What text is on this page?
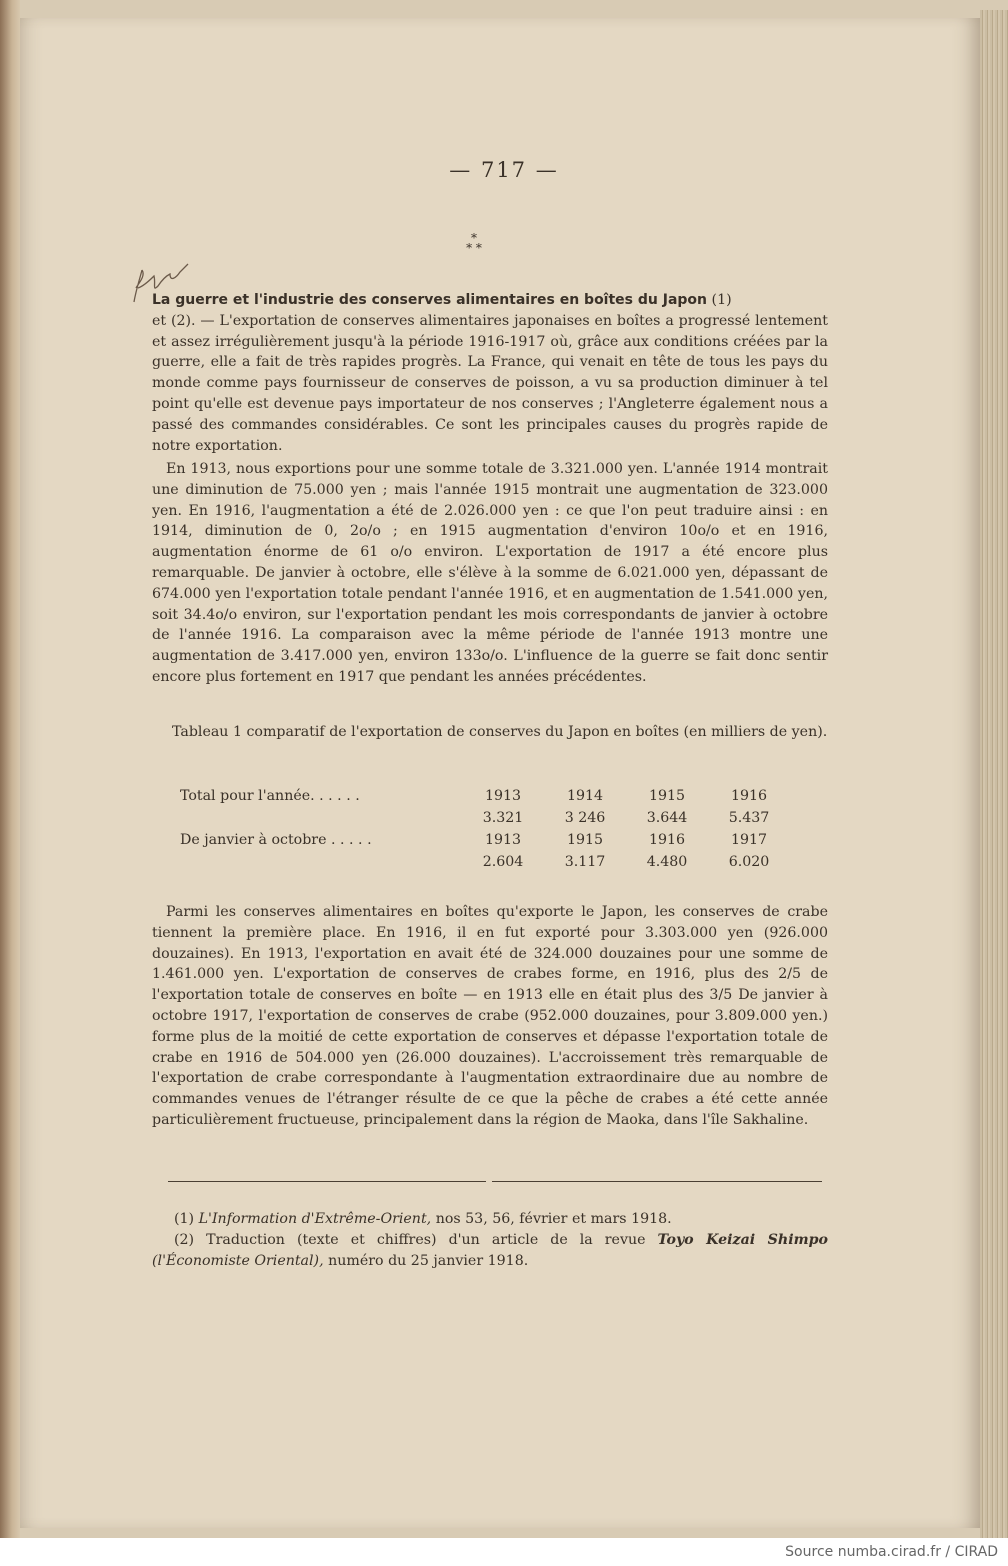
— 717 —
*
* *

La guerre et l'industrie des conserves alimentaires en boîtes du Japon (1)
et (2). — L'exportation de conserves alimentaires japonaises en boîtes a progressé lentement et assez irrégulièrement jusqu'à la période 1916-1917 où, grâce aux conditions créées par la guerre, elle a fait de très rapides progrès. La France, qui venait en tête de tous les pays du monde comme pays fournisseur de conserves de poisson, a vu sa production diminuer à tel point qu'elle est devenue pays importateur de nos conserves ; l'Angleterre également nous a passé des commandes considérables. Ce sont les principales causes du progrès rapide de notre exportation.

En 1913, nous exportions pour une somme totale de 3.321.000 yen. L'année 1914 montrait une diminution de 75.000 yen ; mais l'année 1915 montrait une augmentation de 323.000 yen. En 1916, l'augmentation a été de 2.026.000 yen : ce que l'on peut traduire ainsi : en 1914, diminution de 0, 2o/o ; en 1915 augmentation d'environ 10o/o et en 1916, augmentation énorme de 61 o/o environ. L'exportation de 1917 a été encore plus remarquable. De janvier à octobre, elle s'élève à la somme de 6.021.000 yen, dépassant de 674.000 yen l'exportation totale pendant l'année 1916, et en augmentation de 1.541.000 yen, soit 34.4o/o environ, sur l'exportation pendant les mois correspondants de janvier à octobre de l'année 1916. La comparaison avec la même période de l'année 1913 montre une augmentation de 3.417.000 yen, environ 133o/o. L'influence de la guerre se fait donc sentir encore plus fortement en 1917 que pendant les années précédentes.

Tableau 1 comparatif de l'exportation de conserves du Japon en boîtes (en milliers de yen).

Total pour l'année. . . . . .	1913	1914	1915	1916
	3.321	3 246	3.644	5.437
De janvier à octobre . . . . .	1913	1915	1916	1917
	2.604	3.117	4.480	6.020

Parmi les conserves alimentaires en boîtes qu'exporte le Japon, les conserves de crabe tiennent la première place. En 1916, il en fut exporté pour 3.303.000 yen (926.000 douzaines). En 1913, l'exportation en avait été de 324.000 douzaines pour une somme de 1.461.000 yen. L'exportation de conserves de crabes forme, en 1916, plus des 2/5 de l'exportation totale de conserves en boîte — en 1913 elle en était plus des 3/5 De janvier à octobre 1917, l'exportation de conserves de crabe (952.000 douzaines, pour 3.809.000 yen.) forme plus de la moitié de cette exportation de conserves et dépasse l'exportation totale de crabe en 1916 de 504.000 yen (26.000 douzaines). L'accroissement très remarquable de l'exportation de crabe correspondante à l'augmentation extraordinaire due au nombre de commandes venues de l'étranger résulte de ce que la pêche de crabes a été cette année particulièrement fructueuse, principalement dans la région de Maoka, dans l'île Sakhaline.

(1) L'Information d'Extrême-Orient, nos 53, 56, février et mars 1918.

(2) Traduction (texte et chiffres) d'un article de la revue Toyo Keizai Shimpo (l'Économiste Oriental), numéro du 25 janvier 1918.

Source numba.cirad.fr / CIRAD
